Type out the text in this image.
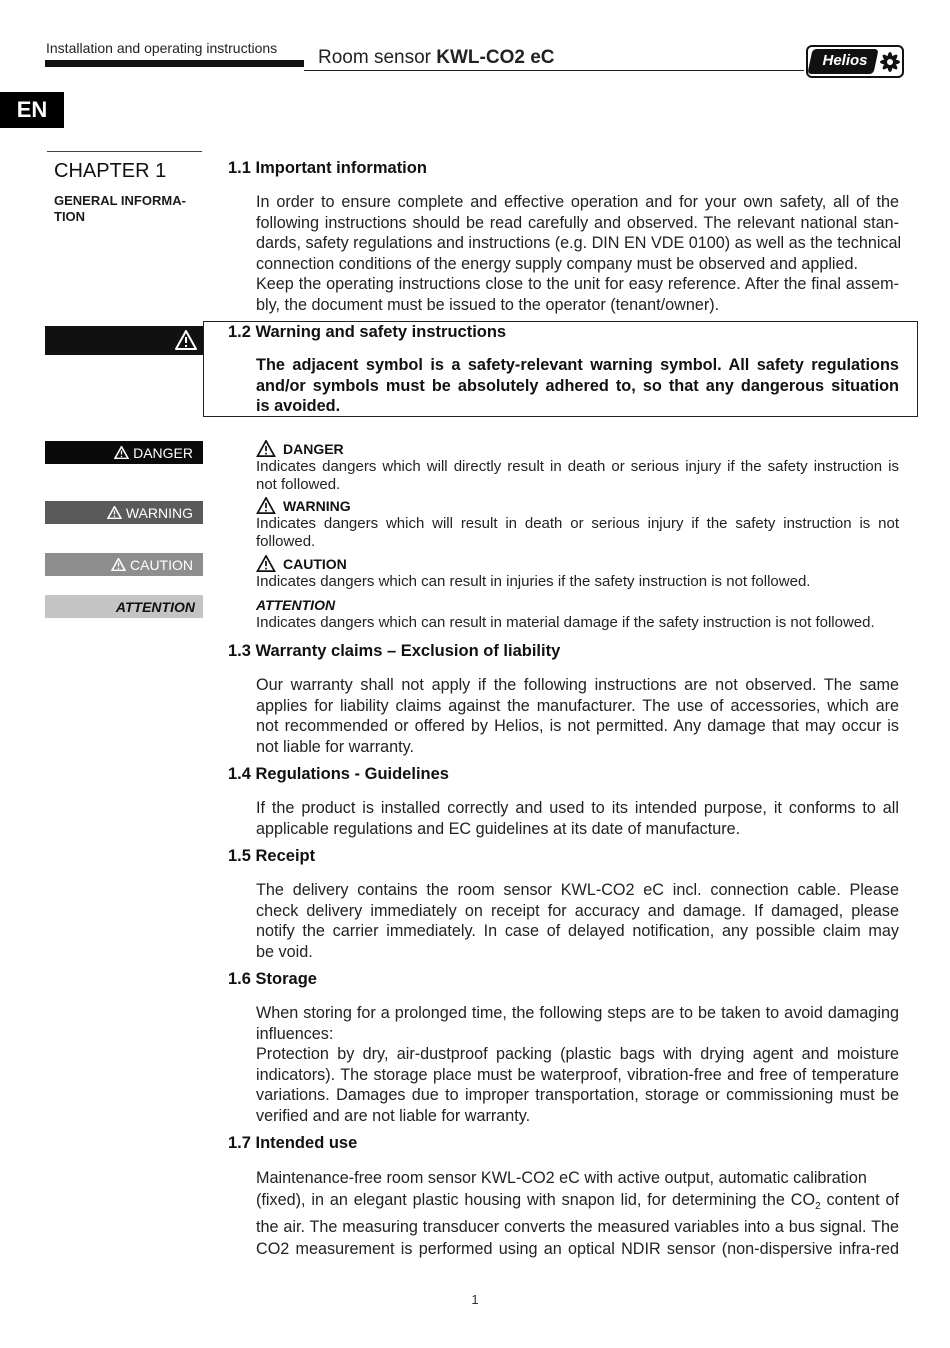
Installation and operating instructions Room sensor KWL-CO2 eC	Helios
EN
CHAPTER 1
GENERAL INFORMA-
TION
DANGER
WARNING
CAUTION
ATTENTION
1.1 Important information
In order to ensure complete and effective operation and for your own safety, all of the
following instructions should be read carefully and observed. The relevant national stan-
dards, safety regulations and instructions (e.g. DIN EN VDE 0100) as well as the technical
connection conditions of the energy supply company must be observed and applied.
Keep the operating instructions close to the unit for easy reference. After the final assem-
bly, the document must be issued to the operator (tenant/owner).
1.2 Warning and safety instructions
The adjacent symbol is a safety-relevant warning symbol. All safety regulations
and/or symbols must be absolutely adhered to, so that any dangerous situation
is avoided.
DANGER
Indicates dangers which will directly result in death or serious injury if the safety instruction is
not followed.
WARNING
Indicates dangers which will result in death or serious injury if the safety instruction is not
followed.
CAUTION
Indicates dangers which can result in injuries if the safety instruction is not followed.
ATTENTION
Indicates dangers which can result in material damage if the safety instruction is not followed.
1.3 Warranty claims – Exclusion of liability
Our warranty shall not apply if the following instructions are not observed. The same
applies for liability claims against the manufacturer. The use of accessories, which are
not recommended or offered by Helios, is not permitted. Any damage that may occur is
not liable for warranty.
1.4 Regulations - Guidelines
If the product is installed correctly and used to its intended purpose, it conforms to all
applicable regulations and EC guidelines at its date of manufacture.
1.5 Receipt
The delivery contains the room sensor KWL-CO2 eC incl. connection cable. Please
check delivery immediately on receipt for accuracy and damage. If damaged, please
notify the carrier immediately. In case of delayed notification, any possible claim may
be void.
1.6 Storage
When storing for a prolonged time, the following steps are to be taken to avoid damaging
influences:
Protection by dry, air-dustproof packing (plastic bags with drying agent and moisture
indicators). The storage place must be waterproof, vibration-free and free of temperature
variations. Damages due to improper transportation, storage or commissioning must be
verified and are not liable for warranty.
1.7 Intended use
Maintenance-free room sensor KWL-CO2 eC with active output, automatic calibration
(fixed), in an elegant plastic housing with snapon lid, for determining the $CO_2$ content of
the air. The measuring transducer converts the measured variables into a bus signal. The
CO2 measurement is performed using an optical NDIR sensor (non-dispersive infra-red
1
